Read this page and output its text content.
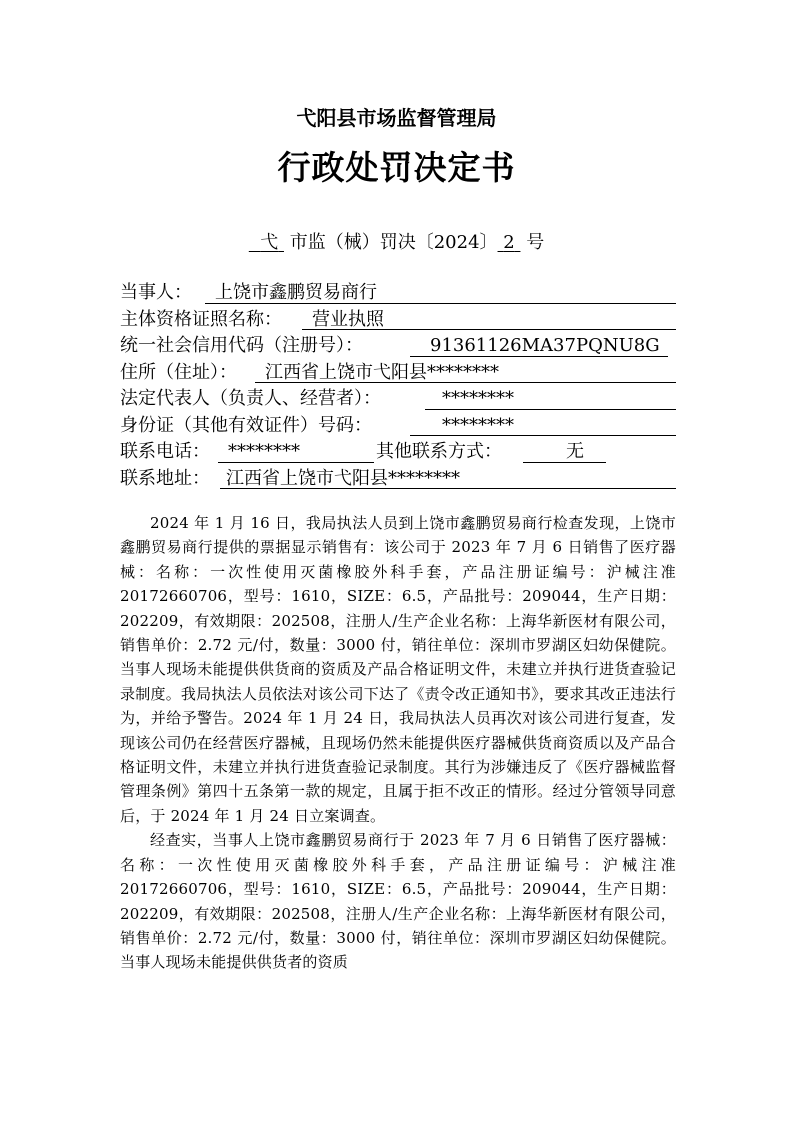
弋阳县市场监督管理局
行政处罚决定书
弋 市监（械）罚决〔2024〕 2 号
当事人： 上饶市鑫鹏贸易商行
主体资格证照名称： 营业执照
统一社会信用代码（注册号）：	91361126MA37PQNU8G
住所（住址）： 江西省上饶市弋阳县********
法定代表人（负责人、经营者）：	********
身份证（其他有效证件）号码：	********
联系电话： ********	其他联系方式：	无
联系地址： 江西省上饶市弋阳县********

2024 年 1 月 16 日，我局执法人员到上饶市鑫鹏贸易商行检查发现，上饶市鑫鹏贸易商行提供的票据显示销售有：该公司于 2023 年 7 月 6 日销售了医疗器械：名称：一次性使用灭菌橡胶外科手套，产品注册证编号：沪械注准 20172660706，型号：1610，SIZE：6.5，产品批号：209044，生产日期：202209，有效期限：202508，注册人/生产企业名称：上海华新医材有限公司，销售单价：2.72 元/付，数量：3000 付，销往单位：深圳市罗湖区妇幼保健院。当事人现场未能提供供货商的资质及产品合格证明文件，未建立并执行进货查验记录制度。我局执法人员依法对该公司下达了《责令改正通知书》，要求其改正违法行为，并给予警告。2024 年 1 月 24 日，我局执法人员再次对该公司进行复查，发现该公司仍在经营医疗器械，且现场仍然未能提供医疗器械供货商资质以及产品合格证明文件，未建立并执行进货查验记录制度。其行为涉嫌违反了《医疗器械监督管理条例》第四十五条第一款的规定，且属于拒不改正的情形。经过分管领导同意后，于 2024 年 1 月 24 日立案调查。

经查实，当事人上饶市鑫鹏贸易商行于 2023 年 7 月 6 日销售了医疗器械：名称：一次性使用灭菌橡胶外科手套，产品注册证编号：沪械注准 20172660706，型号：1610，SIZE：6.5，产品批号：209044，生产日期：202209，有效期限：202508，注册人/生产企业名称：上海华新医材有限公司，销售单价：2.72 元/付，数量：3000 付，销往单位：深圳市罗湖区妇幼保健院。当事人现场未能提供供货者的资质
